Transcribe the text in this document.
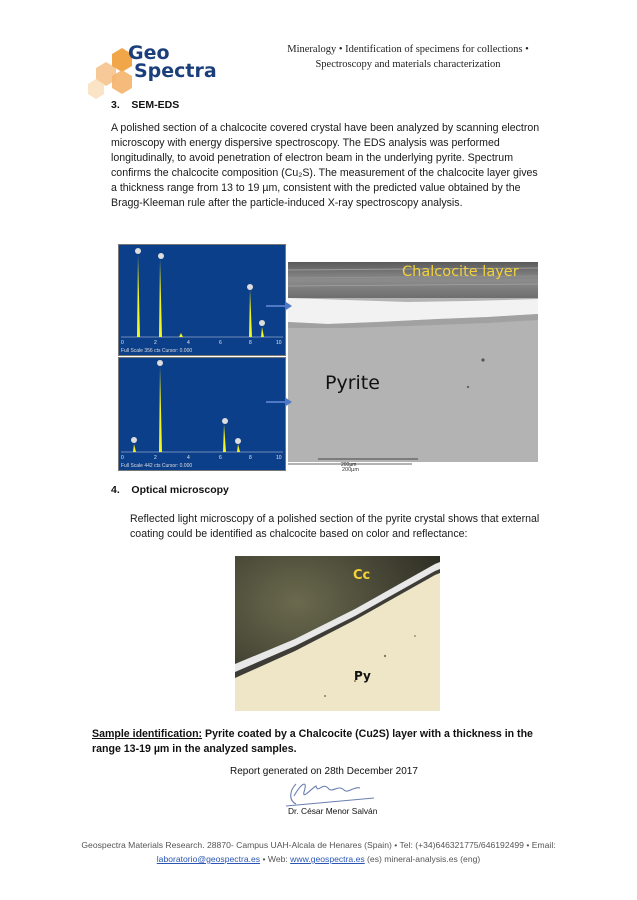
Geo
Spectra
Mineralogy • Identification of specimens for collections •
Spectroscopy and materials characterization
3.    SEM-EDS
A polished section of a chalcocite covered crystal have been analyzed by scanning electron
microscopy with energy dispersive spectroscopy. The EDS analysis was performed
longitudinally, to avoid penetration of electron beam in the underlying pyrite. Spectrum
confirms the chalcocite composition (Cu₂S). The measurement of the chalcocite layer gives
a thickness range from 13 to 19 µm, consistent with the predicted value obtained by the
Bragg-Kleeman rule after the particle-induced X-ray spectroscopy analysis.
0	2	4	6	8	10
Full Scale 356 cts Cursor: 0.000
0	2	4	6	8	10
Full Scale 442 cts Cursor: 0.000
Chalcocite layer
Pyrite
200µm
200µm
4.    Optical microscopy
Reflected light microscopy of a polished section of the pyrite crystal shows that external
coating could be identified as chalcocite based on color and reflectance:
Cc
Py
Sample identification: Pyrite coated by a Chalcocite (Cu2S) layer with a thickness in the
range 13-19 µm in the analyzed samples.
Report generated on 28th December 2017
Dr. César Menor Salván
Geospectra Materials Research. 28870- Campus UAH-Alcala de Henares (Spain) • Tel: (+34)646321775/646192499 • Email:
laboratorio@geospectra.es • Web: www.geospectra.es (es) mineral-analysis.es (eng)
